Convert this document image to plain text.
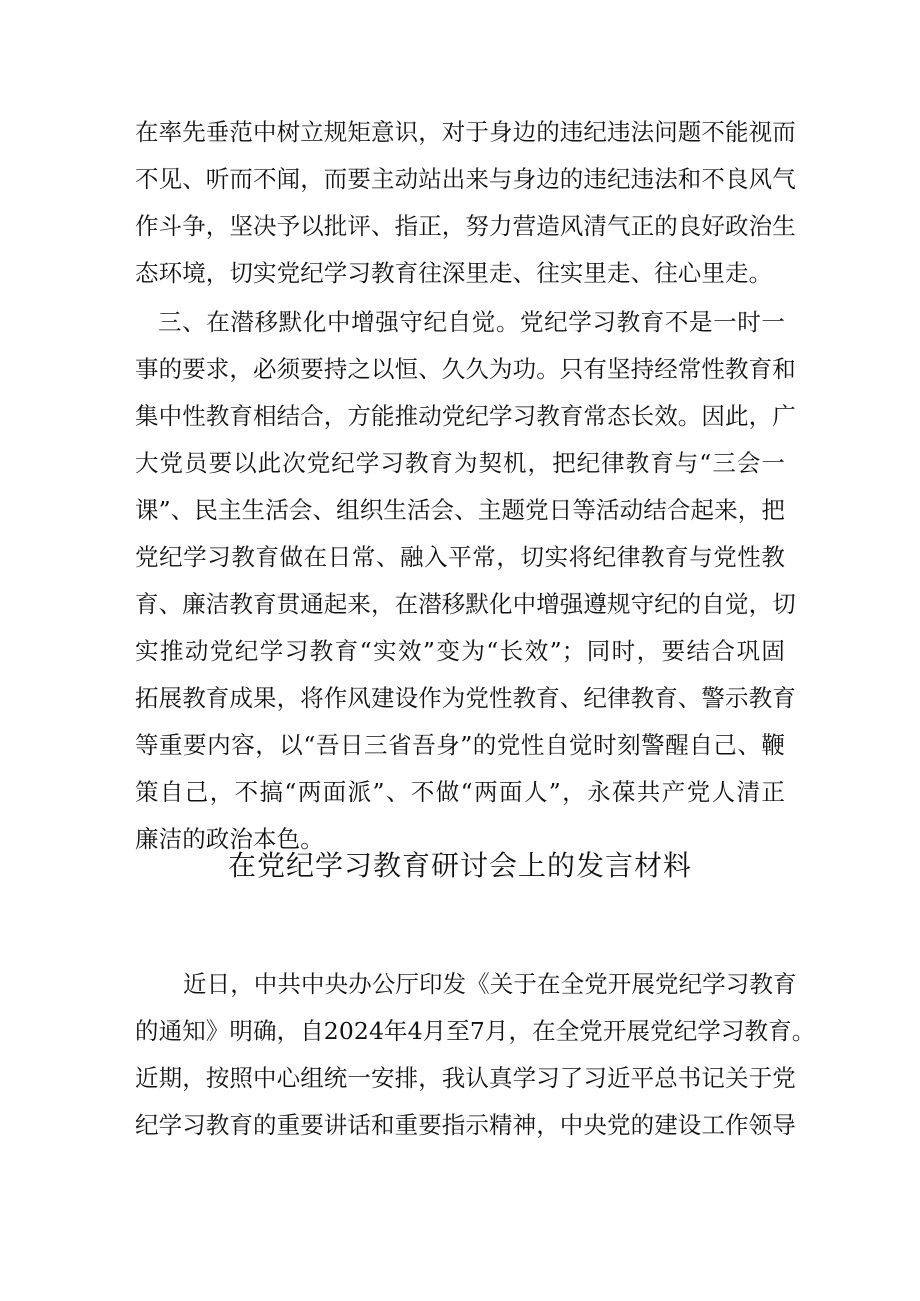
在率先垂范中树立规矩意识，对于身边的违纪违法问题不能视而
不见、听而不闻，而要主动站出来与身边的违纪违法和不良风气
作斗争，坚决予以批评、指正，努力营造风清气正的良好政治生
态环境，切实党纪学习教育往深里走、往实里走、往心里走。
三、在潜移默化中增强守纪自觉。党纪学习教育不是一时一
事的要求，必须要持之以恒、久久为功。只有坚持经常性教育和
集中性教育相结合，方能推动党纪学习教育常态长效。因此，广
大党员要以此次党纪学习教育为契机，把纪律教育与“三会一
课”、民主生活会、组织生活会、主题党日等活动结合起来，把
党纪学习教育做在日常、融入平常，切实将纪律教育与党性教
育、廉洁教育贯通起来，在潜移默化中增强遵规守纪的自觉，切
实推动党纪学习教育“实效”变为“长效”；同时，要结合巩固
拓展教育成果，将作风建设作为党性教育、纪律教育、警示教育
等重要内容，以“吾日三省吾身”的党性自觉时刻警醒自己、鞭
策自己，不搞“两面派”、不做“两面人”，永葆共产党人清正
廉洁的政治本色。
在党纪学习教育研讨会上的发言材料
近日，中共中央办公厅印发《关于在全党开展党纪学习教育
的通知》明确，自2024年4月至7月，在全党开展党纪学习教育。
近期，按照中心组统一安排，我认真学习了习近平总书记关于党
纪学习教育的重要讲话和重要指示精神，中央党的建设工作领导
